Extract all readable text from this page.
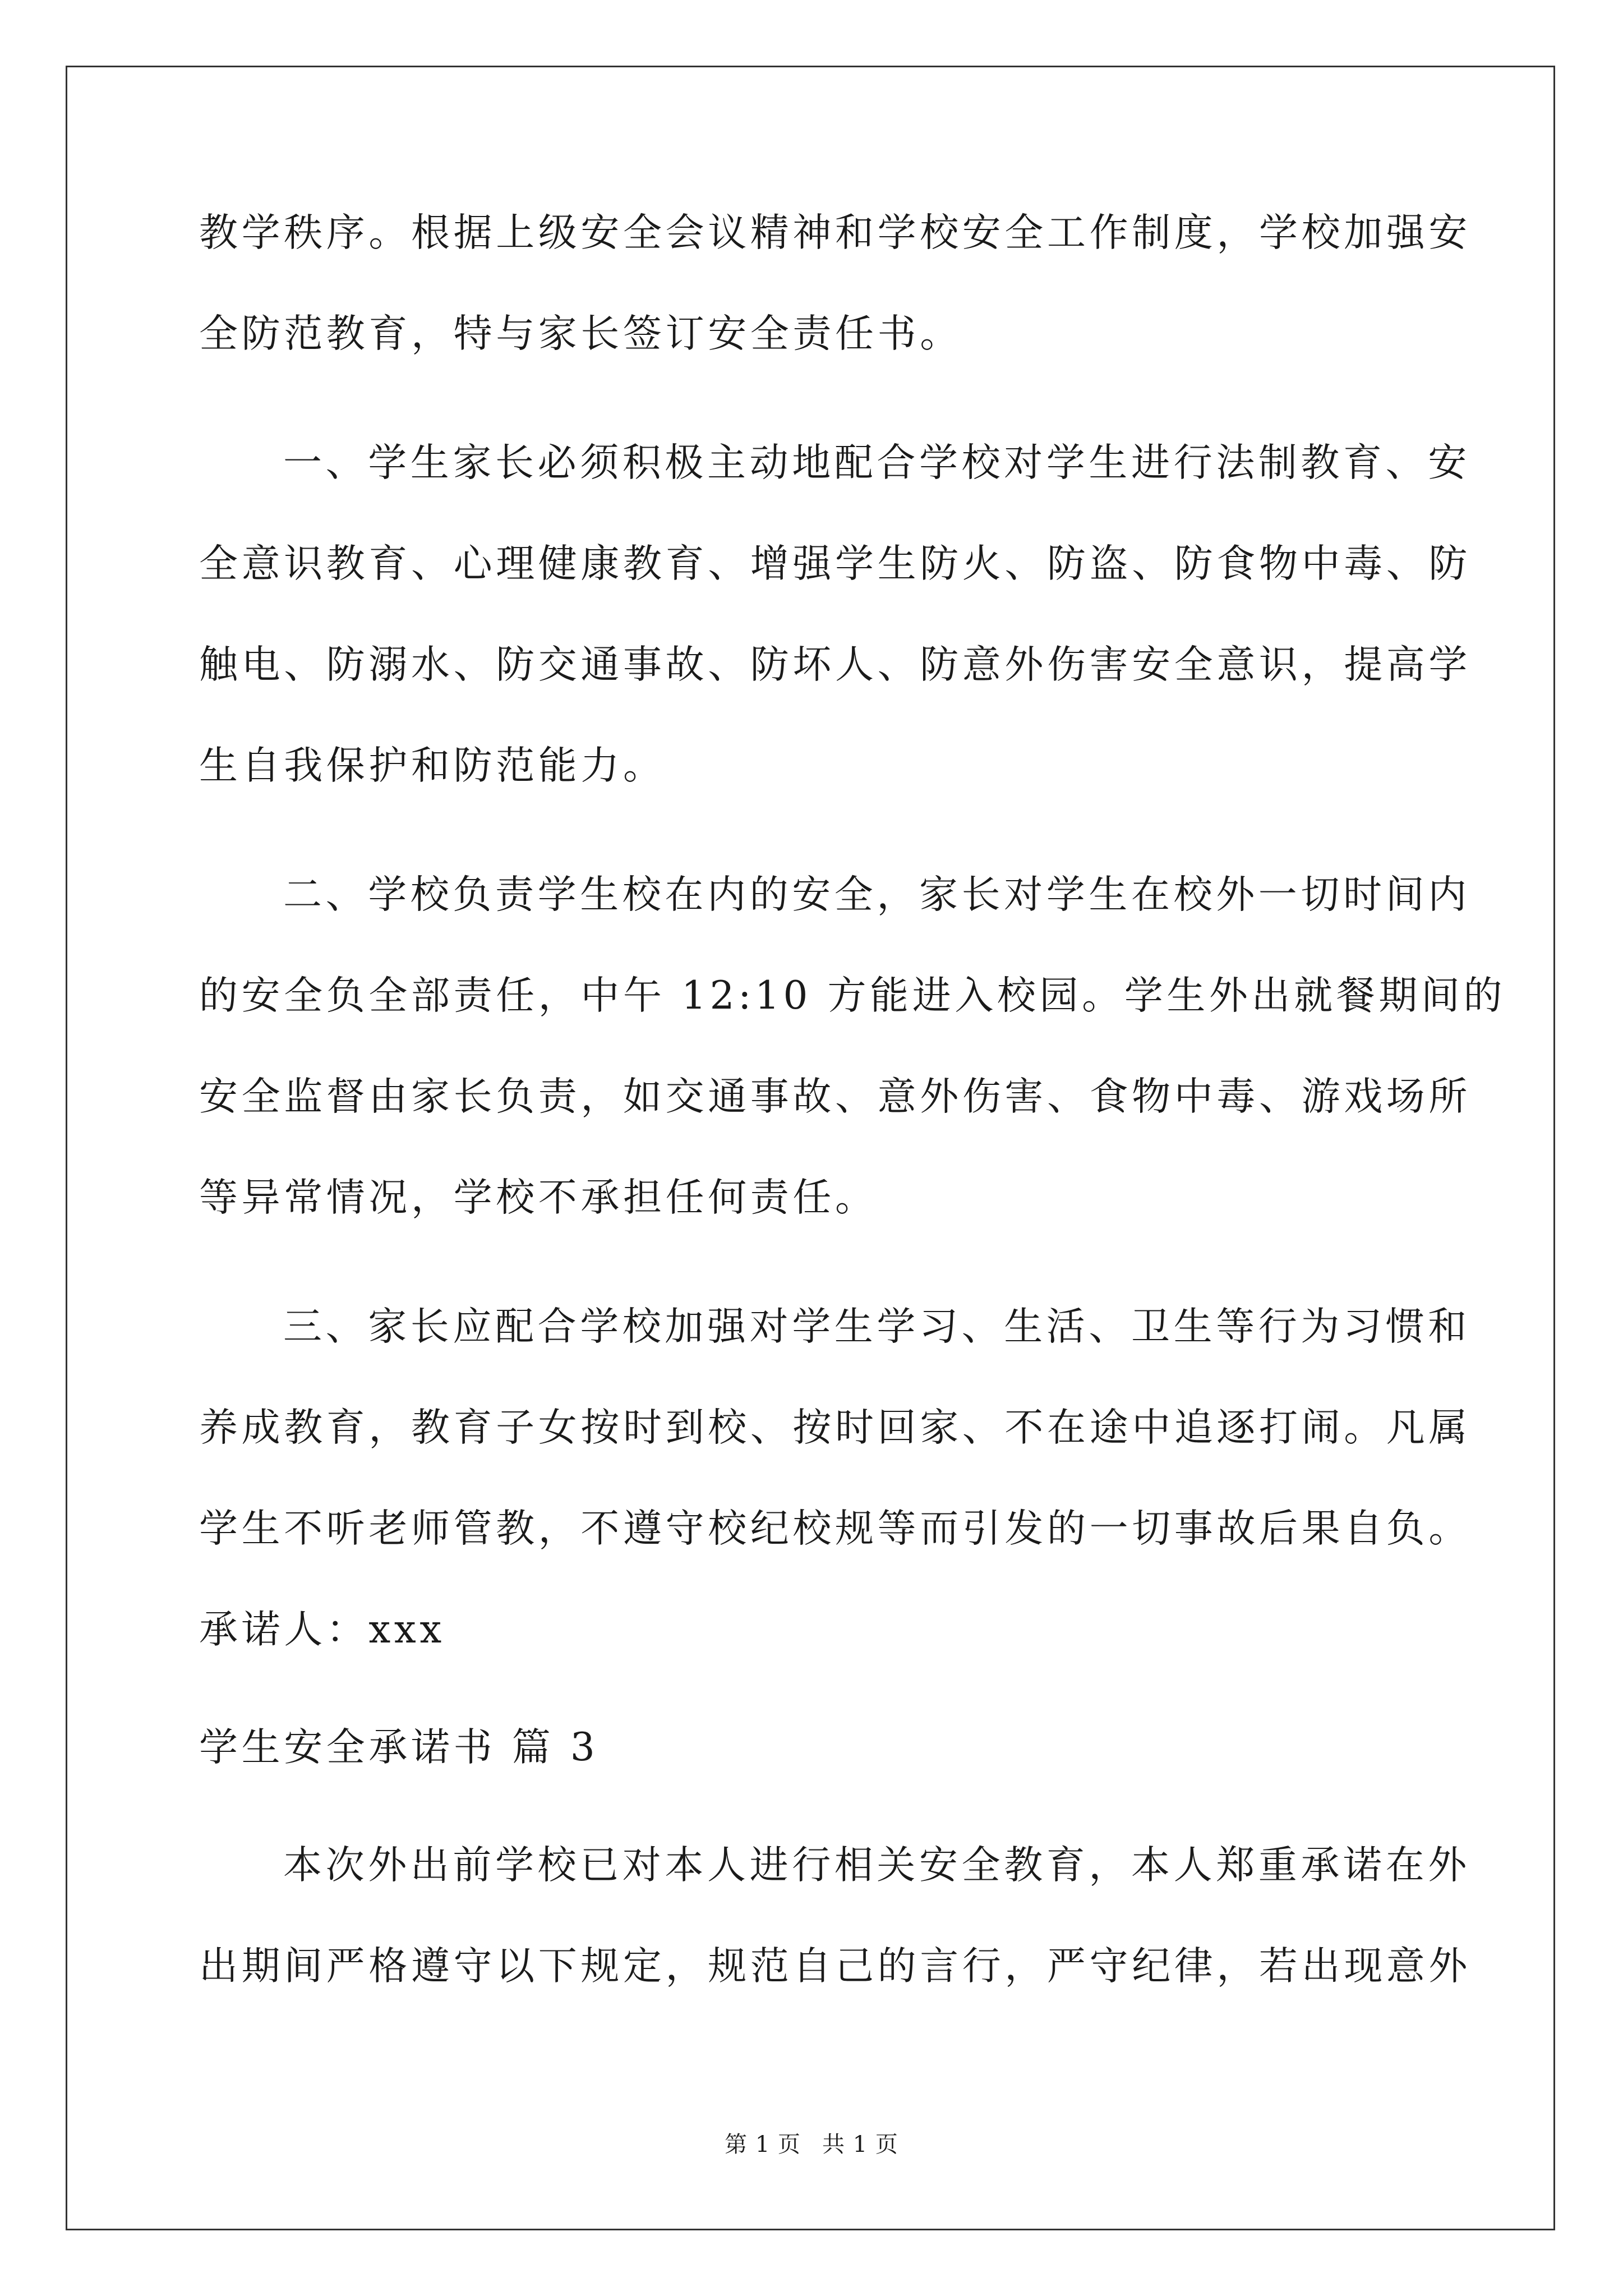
教学秩序。根据上级安全会议精神和学校安全工作制度，学校加强安
全防范教育，特与家长签订安全责任书。
一、学生家长必须积极主动地配合学校对学生进行法制教育、安
全意识教育、心理健康教育、增强学生防火、防盗、防食物中毒、防
触电、防溺水、防交通事故、防坏人、防意外伤害安全意识，提高学
生自我保护和防范能力。
二、学校负责学生校在内的安全，家长对学生在校外一切时间内
的安全负全部责任，中午 12:10 方能进入校园。学生外出就餐期间的
安全监督由家长负责，如交通事故、意外伤害、食物中毒、游戏场所
等异常情况，学校不承担任何责任。
三、家长应配合学校加强对学生学习、生活、卫生等行为习惯和
养成教育，教育子女按时到校、按时回家、不在途中追逐打闹。凡属
学生不听老师管教，不遵守校纪校规等而引发的一切事故后果自负。
承诺人：xxx
学生安全承诺书 篇 3
本次外出前学校已对本人进行相关安全教育，本人郑重承诺在外
出期间严格遵守以下规定，规范自己的言行，严守纪律，若出现意外
第 1 页 共 1 页
